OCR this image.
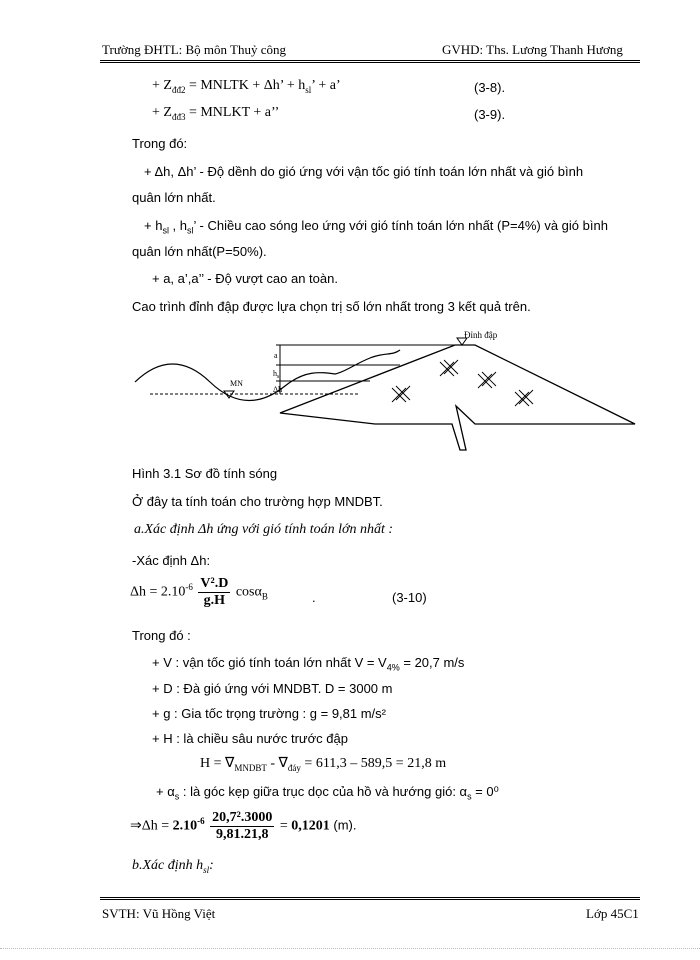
Trường ĐHTL: Bộ môn Thuỷ công	GVHD: Ths. Lương Thanh Hương
+ $Z_{đđ2}$ = MNLTK + Δh’ + $h_{sl}$’ + a’	(3-8).
+ $Z_{đđ3}$ = MNLKT + a’’	(3-9).
Trong đó:
+ Δh, Δh’ - Độ dềnh do gió ứng với vận tốc gió tính toán lớn nhất và gió bình
quân lớn nhất.
+ $h_{sl}$ , $h_{sl}$’ - Chiều cao sóng leo ứng với gió tính toán lớn nhất (P=4%) và gió bình
quân lớn nhất(P=50%).
+ a, a’,a’’ - Độ vượt cao an toàn.
Cao trình đỉnh đập được lựa chọn trị số lớn nhất trong 3 kết quả trên.
Đỉnh đập
MN
a
$h_s$
Δh
Hình 3.1 Sơ đồ tính sóng
Ở đây ta tính toán cho trường hợp MNDBT.
a.Xác định Δh ứng với gió tính toán lớn nhất :
-Xác định Δh:
$\Delta h = 2.10^{-6} \frac{\text{V².D}}{g.H} \cos\alpha_B$	.	(3-10)
Trong đó :
+ V : vận tốc gió tính toán lớn nhất $V = V_{4\%} = 20,7$ m/s
+ D : Đà gió ứng với MNDBT. D = 3000 m
+ g : Gia tốc trọng trường : g = 9,81 m/s²
+ H : là chiều sâu nước trước đập
$H = \nabla_{MNDBT} - \nabla_{đáy} = 611,3 - 589,5 = 21,8$ m
+ $\alpha_s$ : là góc kẹp giữa trục dọc của hồ và hướng gió: $\alpha_s = 0^0$
⇒Δh = $2.10^{-6} \frac{\text{20,7².3000}}{9,81.21,8} = 0,1201$ (m).
b.Xác định $h_{sl}$:
SVTH: Vũ Hồng Việt	Lớp 45C1
